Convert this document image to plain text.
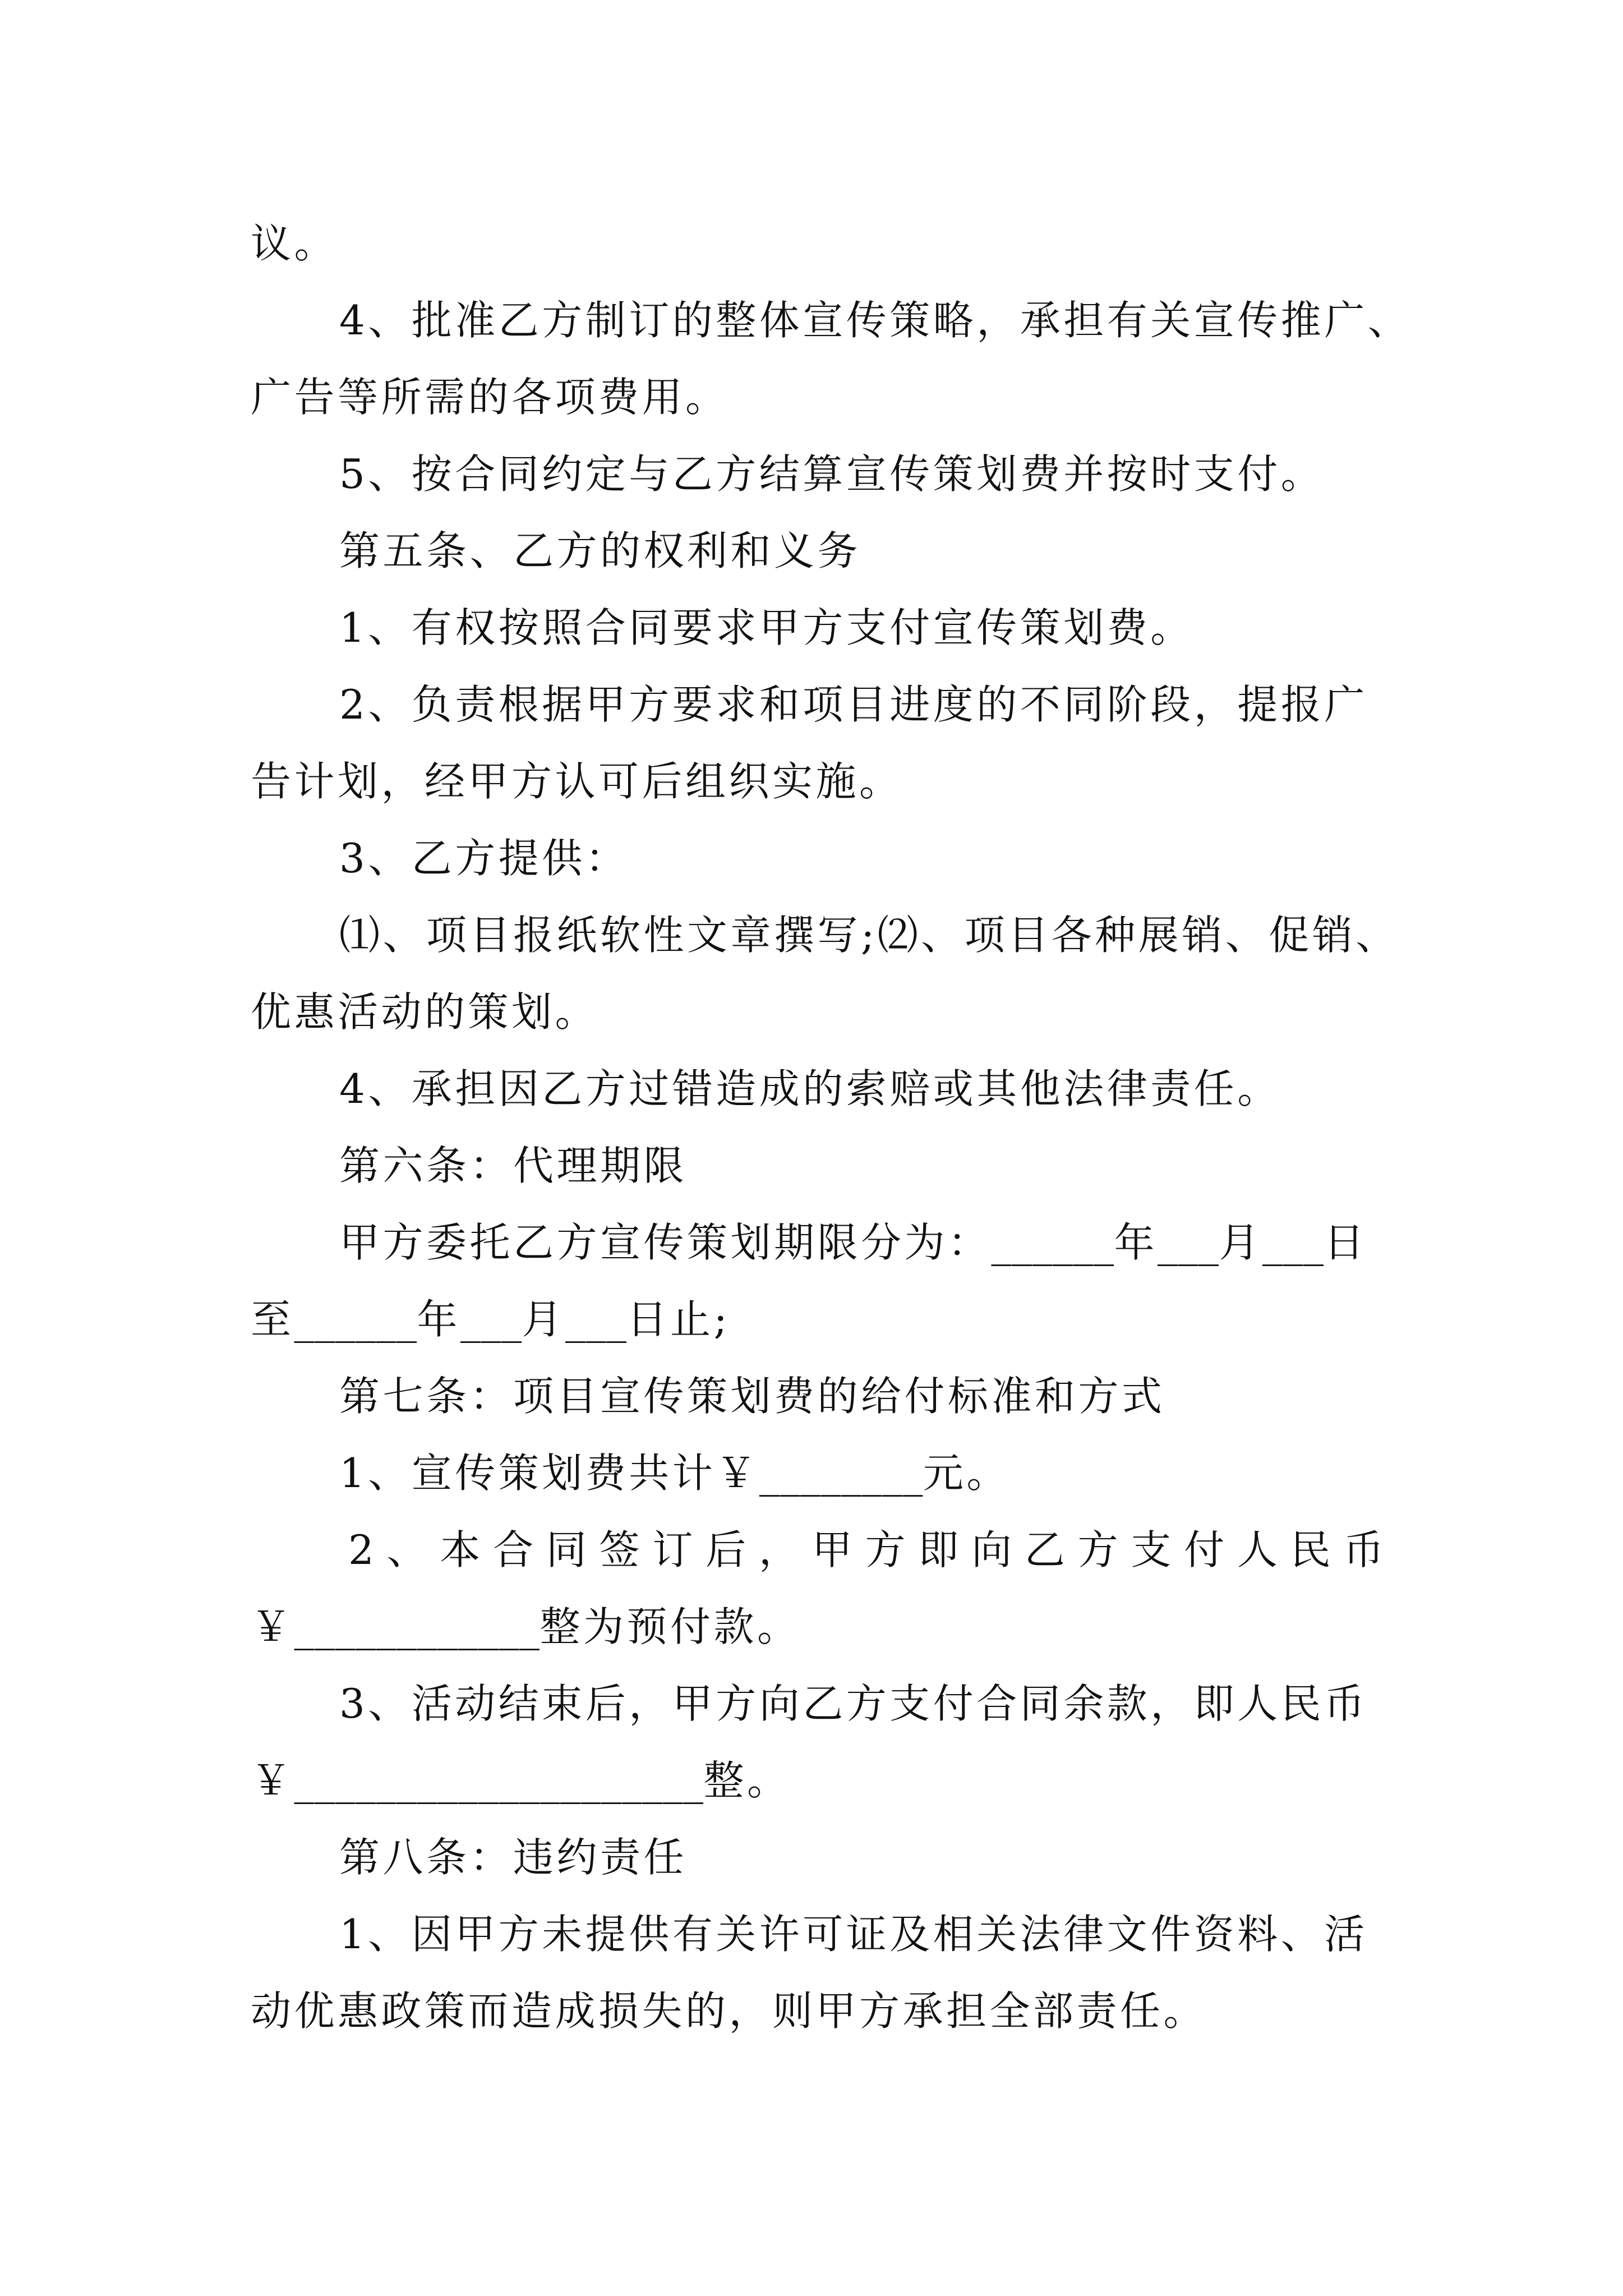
议。
4、批准乙方制订的整体宣传策略，承担有关宣传推广、
广告等所需的各项费用。
5、按合同约定与乙方结算宣传策划费并按时支付。
第五条、乙方的权利和义务
1、有权按照合同要求甲方支付宣传策划费。
2、负责根据甲方要求和项目进度的不同阶段，提报广
告计划，经甲方认可后组织实施。
3、乙方提供：
⑴、项目报纸软性文章撰写;⑵、项目各种展销、促销、
优惠活动的策划。
4、承担因乙方过错造成的索赔或其他法律责任。
第六条：代理期限
甲方委托乙方宣传策划期限分为：______年___月___日
至______年___月___日止;
第七条：项目宣传策划费的给付标准和方式
1、宣传策划费共计￥________元。
2、本合同签订后，甲方即向乙方支付人民币
￥____________整为预付款。
3、活动结束后，甲方向乙方支付合同余款，即人民币
￥____________________整。
第八条：违约责任
1、因甲方未提供有关许可证及相关法律文件资料、活
动优惠政策而造成损失的，则甲方承担全部责任。
